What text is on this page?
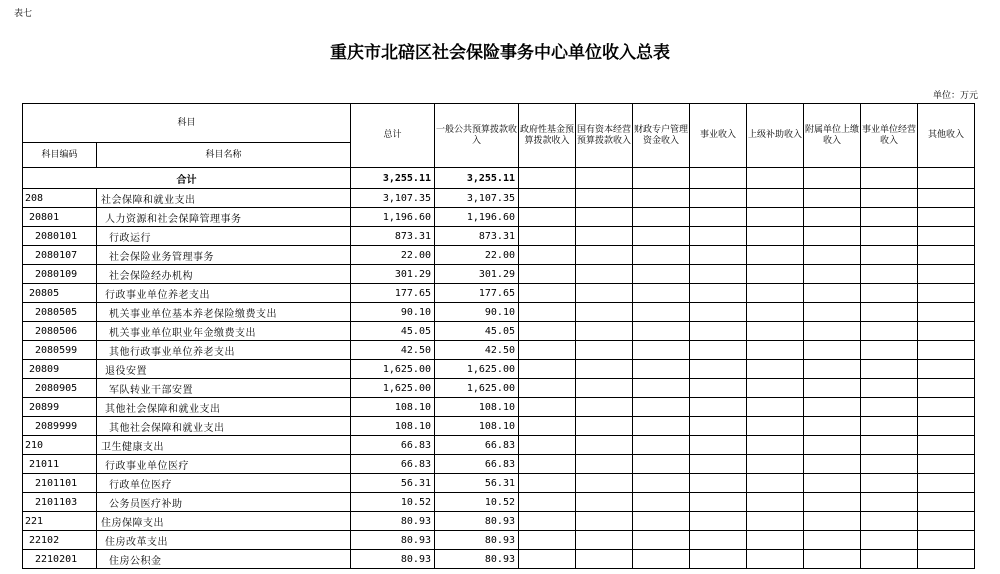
表七
重庆市北碚区社会保险事务中心单位收入总表
单位：万元
科目		总计	一般公共预算拨款收入	政府性基金预算拨款收入	国有资本经营预算拨款收入	财政专户管理资金收入	事业收入	上级补助收入	附属单位上缴收入	事业单位经营收入	其他收入
科目编码	科目名称										
合计		3,255.11	3,255.11								
208	社会保障和就业支出	3,107.35	3,107.35								
20801	人力资源和社会保障管理事务	1,196.60	1,196.60								
2080101	行政运行	873.31	873.31								
2080107	社会保险业务管理事务	22.00	22.00								
2080109	社会保险经办机构	301.29	301.29								
20805	行政事业单位养老支出	177.65	177.65								
2080505	机关事业单位基本养老保险缴费支出	90.10	90.10								
2080506	机关事业单位职业年金缴费支出	45.05	45.05								
2080599	其他行政事业单位养老支出	42.50	42.50								
20809	退役安置	1,625.00	1,625.00								
2080905	军队转业干部安置	1,625.00	1,625.00								
20899	其他社会保障和就业支出	108.10	108.10								
2089999	其他社会保障和就业支出	108.10	108.10								
210	卫生健康支出	66.83	66.83								
21011	行政事业单位医疗	66.83	66.83								
2101101	行政单位医疗	56.31	56.31								
2101103	公务员医疗补助	10.52	10.52								
221	住房保障支出	80.93	80.93								
22102	住房改革支出	80.93	80.93								
2210201	住房公积金	80.93	80.93								
